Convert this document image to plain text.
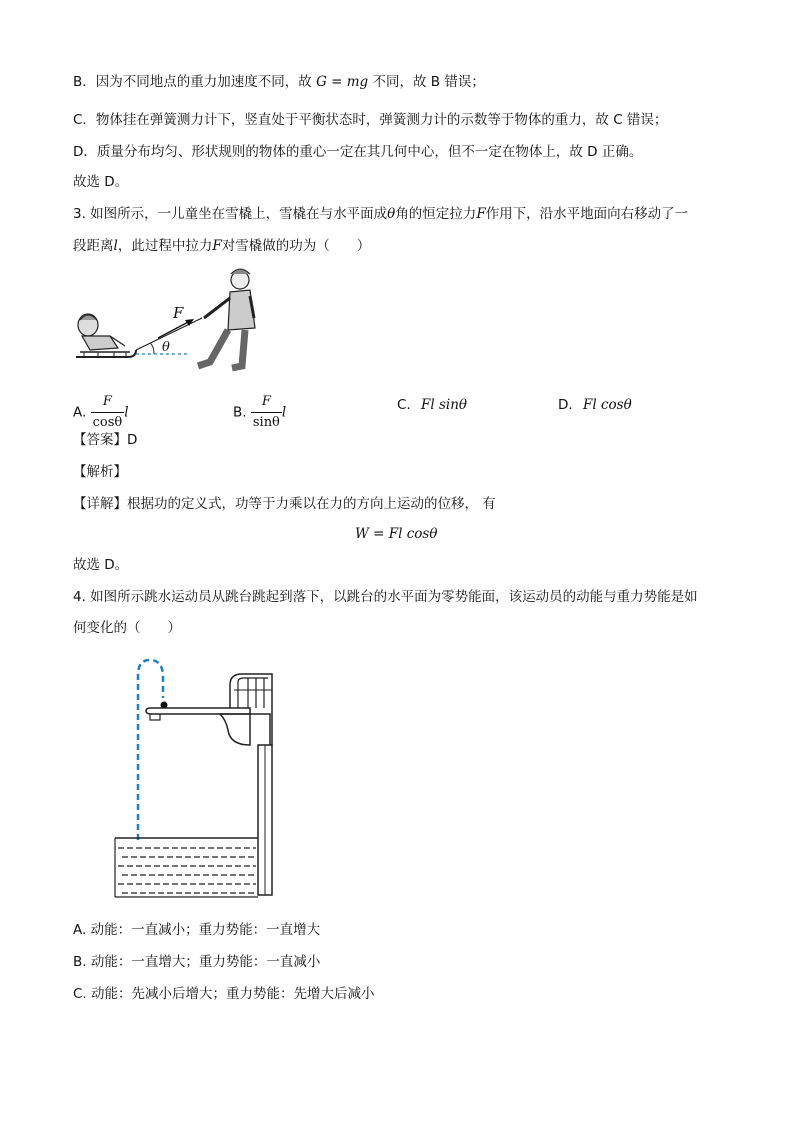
B．因为不同地点的重力加速度不同，故 G = mg 不同，故 B 错误；
C．物体挂在弹簧测力计下，竖直处于平衡状态时，弹簧测力计的示数等于物体的重力，故 C 错误；
D．质量分布均匀、形状规则的物体的重心一定在其几何中心，但不一定在物体上，故 D 正确。
故选 D。
3. 如图所示，一儿童坐在雪橇上，雪橇在与水平面成θ角的恒定拉力F作用下，沿水平地面向右移动了一
段距离l，此过程中拉力F对雪橇做的功为（　　）
F
θ
A. $\frac{F}{\cos\theta}$ l	B. $\frac{F}{\sin\theta}$ l	C. Fl sinθ	D. Fl cosθ
【答案】D
【解析】
【详解】根据功的定义式，功等于力乘以在力的方向上运动的位移， 有
W = Fl cosθ
故选 D。
4. 如图所示跳水运动员从跳台跳起到落下，以跳台的水平面为零势能面，该运动员的动能与重力势能是如
何变化的（　　）
A. 动能：一直减小；重力势能：一直增大
B. 动能：一直增大；重力势能：一直减小
C. 动能：先减小后增大；重力势能：先增大后减小
